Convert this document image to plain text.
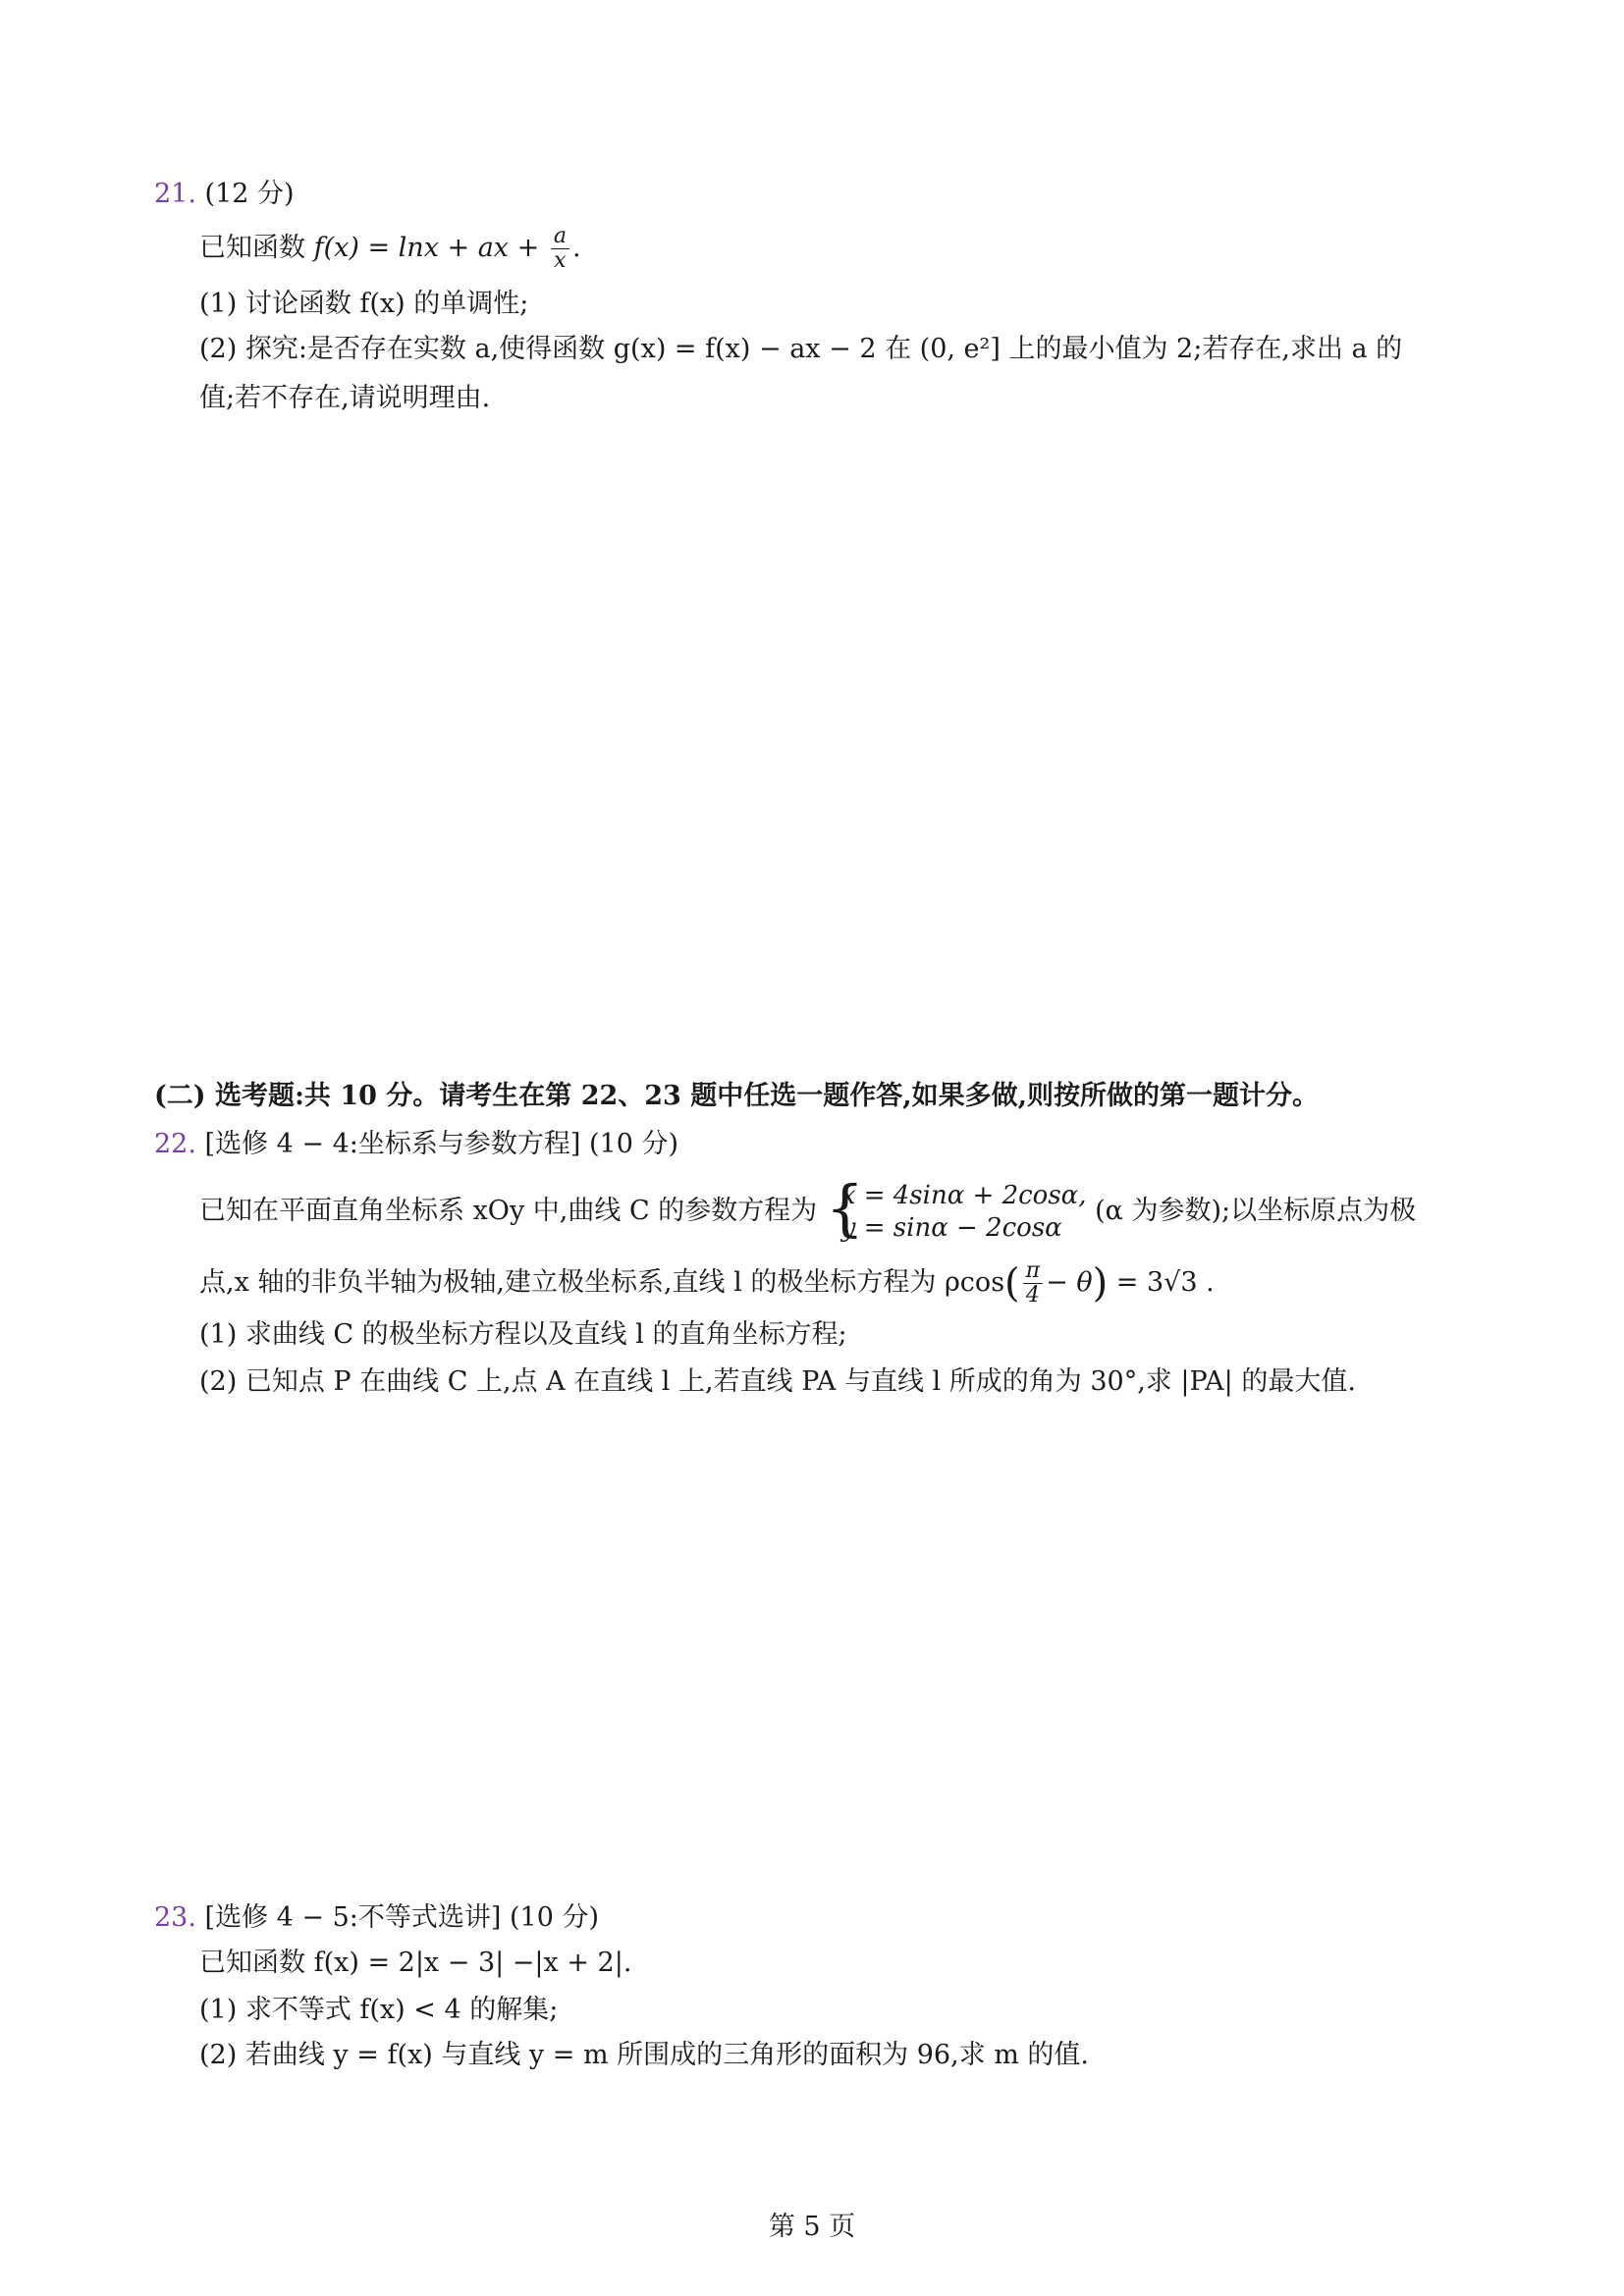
21. (12 分)
已知函数 f(x) = lnx + ax + $\frac{a}{x}$ .
(1) 讨论函数 f(x) 的单调性;
(2) 探究:是否存在实数 a,使得函数 g(x) = f(x) − ax − 2 在 (0, e²] 上的最小值为 2;若存在,求出 a 的
值;若不存在,请说明理由.
(二) 选考题:共 10 分。请考生在第 22、23 题中任选一题作答,如果多做,则按所做的第一题计分。
22. [选修 4 − 4:坐标系与参数方程] (10 分)
已知在平面直角坐标系 xOy 中,曲线 C 的参数方程为 {
x = 4sinα + 2cosα,
y = sinα − 2cosα
(α 为参数);以坐标原点为极
点,x 轴的非负半轴为极轴,建立极坐标系,直线 l 的极坐标方程为 $\rho\cos( \frac{\pi}{4} - \theta) = 3√3$ .
(1) 求曲线 C 的极坐标方程以及直线 l 的直角坐标方程;
(2) 已知点 P 在曲线 C 上,点 A 在直线 l 上,若直线 PA 与直线 l 所成的角为 30°,求 |PA| 的最大值.
23. [选修 4 − 5:不等式选讲] (10 分)
已知函数 f(x) = 2|x − 3| −|x + 2|.
(1) 求不等式 f(x) < 4 的解集;
(2) 若曲线 y = f(x) 与直线 y = m 所围成的三角形的面积为 96,求 m 的值.
第 5 页
